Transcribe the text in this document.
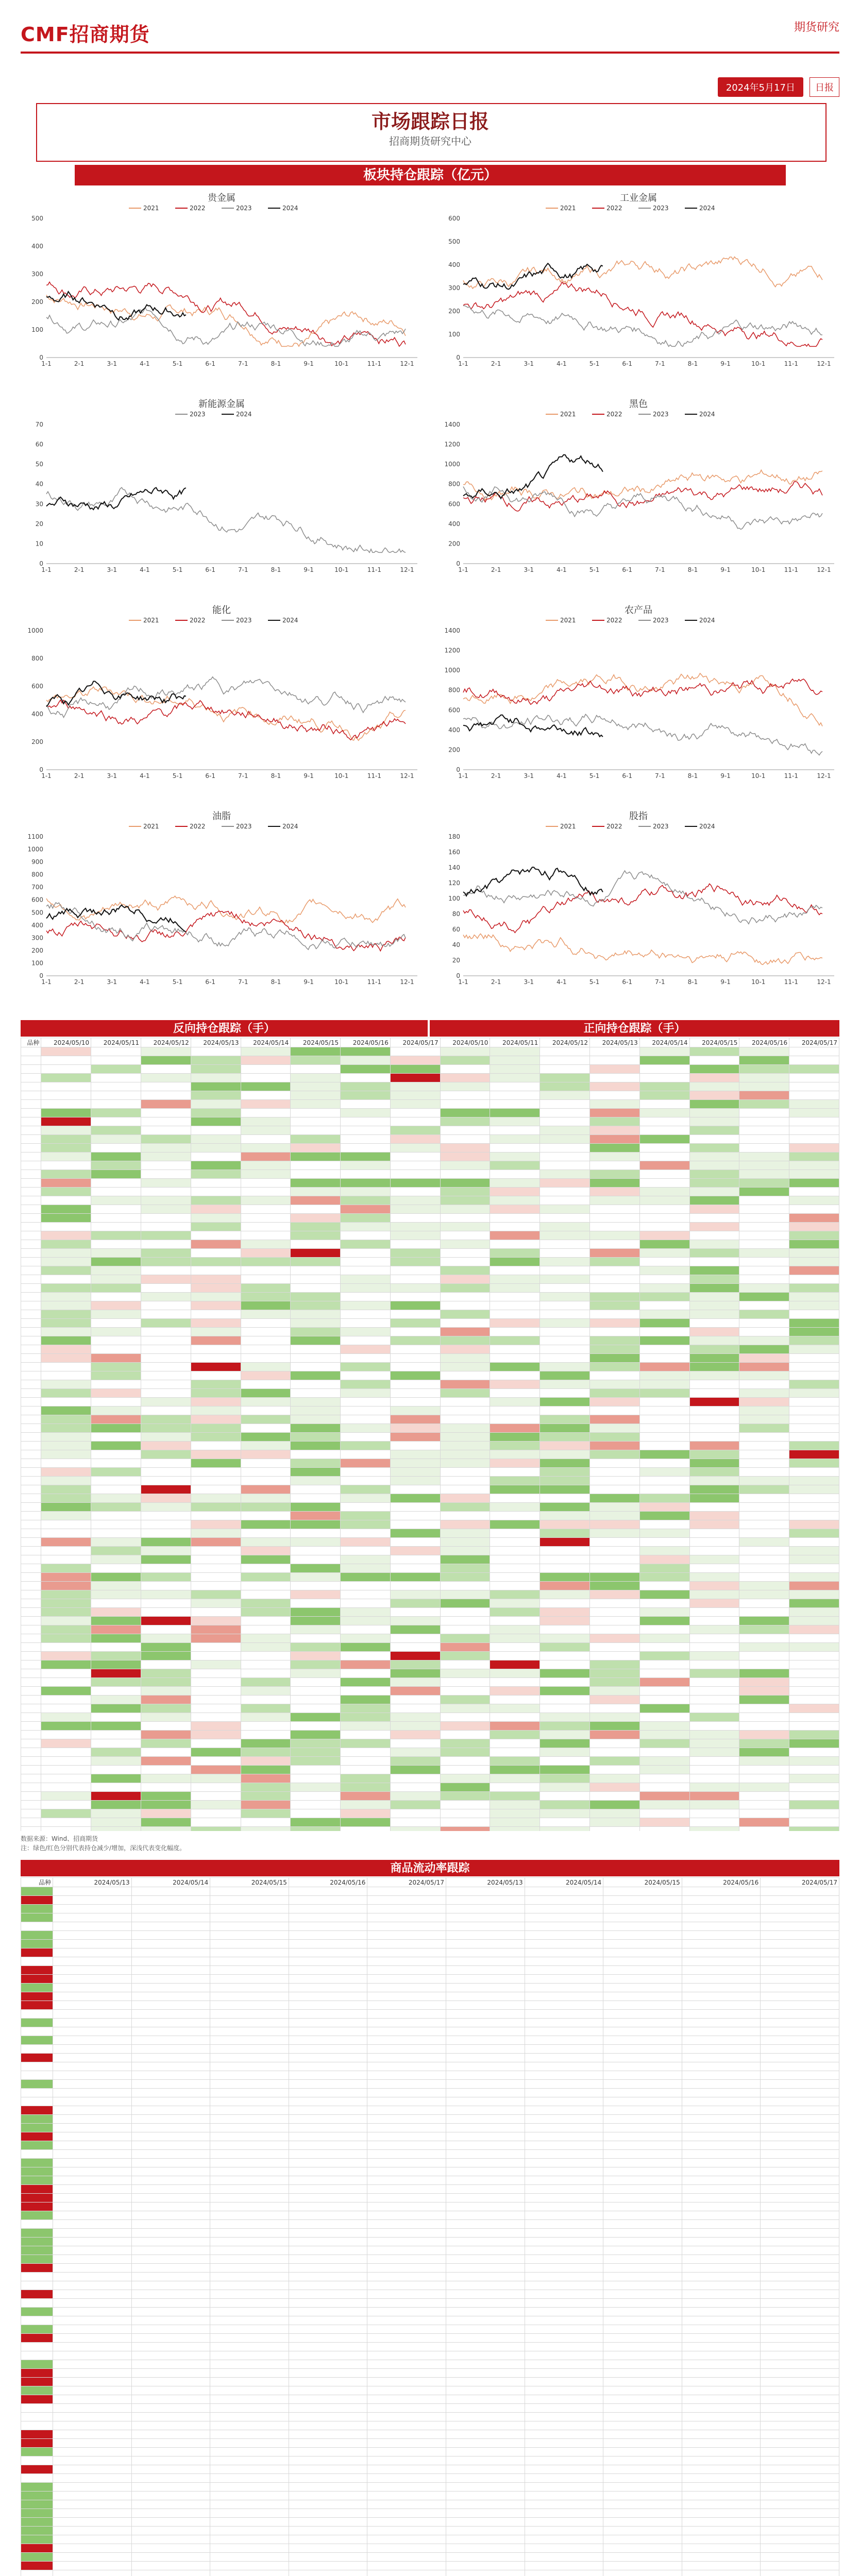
CMF招商期货	期货研究
2024年5月17日	日报
市场跟踪日报
招商期货研究中心
板块持仓跟踪（亿元）
贵金属
2021	2022	2023	2024
0
100
200
300
400
500
1-1	2-1	3-1	4-1	5-1	6-1	7-1	8-1	9-1	10-1	11-1	12-1
工业金属
2021	2022	2023	2024
0
100
200
300
400
500
600
1-1	2-1	3-1	4-1	5-1	6-1	7-1	8-1	9-1	10-1	11-1	12-1
新能源金属
2023	2024
0
10
20
30
40
50
60
70
1-1	2-1	3-1	4-1	5-1	6-1	7-1	8-1	9-1	10-1	11-1	12-1
黑色
2021	2022	2023	2024
0
200
400
600
800
1000
1200
1400
1-1	2-1	3-1	4-1	5-1	6-1	7-1	8-1	9-1	10-1	11-1	12-1
能化
2021	2022	2023	2024
0
200
400
600
800
1000
1-1	2-1	3-1	4-1	5-1	6-1	7-1	8-1	9-1	10-1	11-1	12-1
农产品
2021	2022	2023	2024
0
200
400
600
800
1000
1200
1400
1-1	2-1	3-1	4-1	5-1	6-1	7-1	8-1	9-1	10-1	11-1	12-1
油脂
2021	2022	2023	2024
0
100
200
300
400
500
600
700
800
900
1000
1100
1-1	2-1	3-1	4-1	5-1	6-1	7-1	8-1	9-1	10-1	11-1	12-1
股指
2021	2022	2023	2024
0
20
40
60
80
100
120
140
160
180
1-1	2-1	3-1	4-1	5-1	6-1	7-1	8-1	9-1	10-1	11-1	12-1
反向持仓跟踪（手）	正向持仓跟踪（手）
品种	2024/05/10	2024/05/11	2024/05/12	2024/05/13	2024/05/14	2024/05/15	2024/05/16	2024/05/17	2024/05/10	2024/05/11	2024/05/12	2024/05/13	2024/05/14	2024/05/15	2024/05/16	2024/05/17

数据来源：Wind、招商期货
注：绿色/红色分别代表持仓减少/增加，深浅代表变化幅度。
商品流动率跟踪
品种	2024/05/13	2024/05/14	2024/05/15	2024/05/16	2024/05/17	2024/05/13	2024/05/14	2024/05/15	2024/05/16	2024/05/17
